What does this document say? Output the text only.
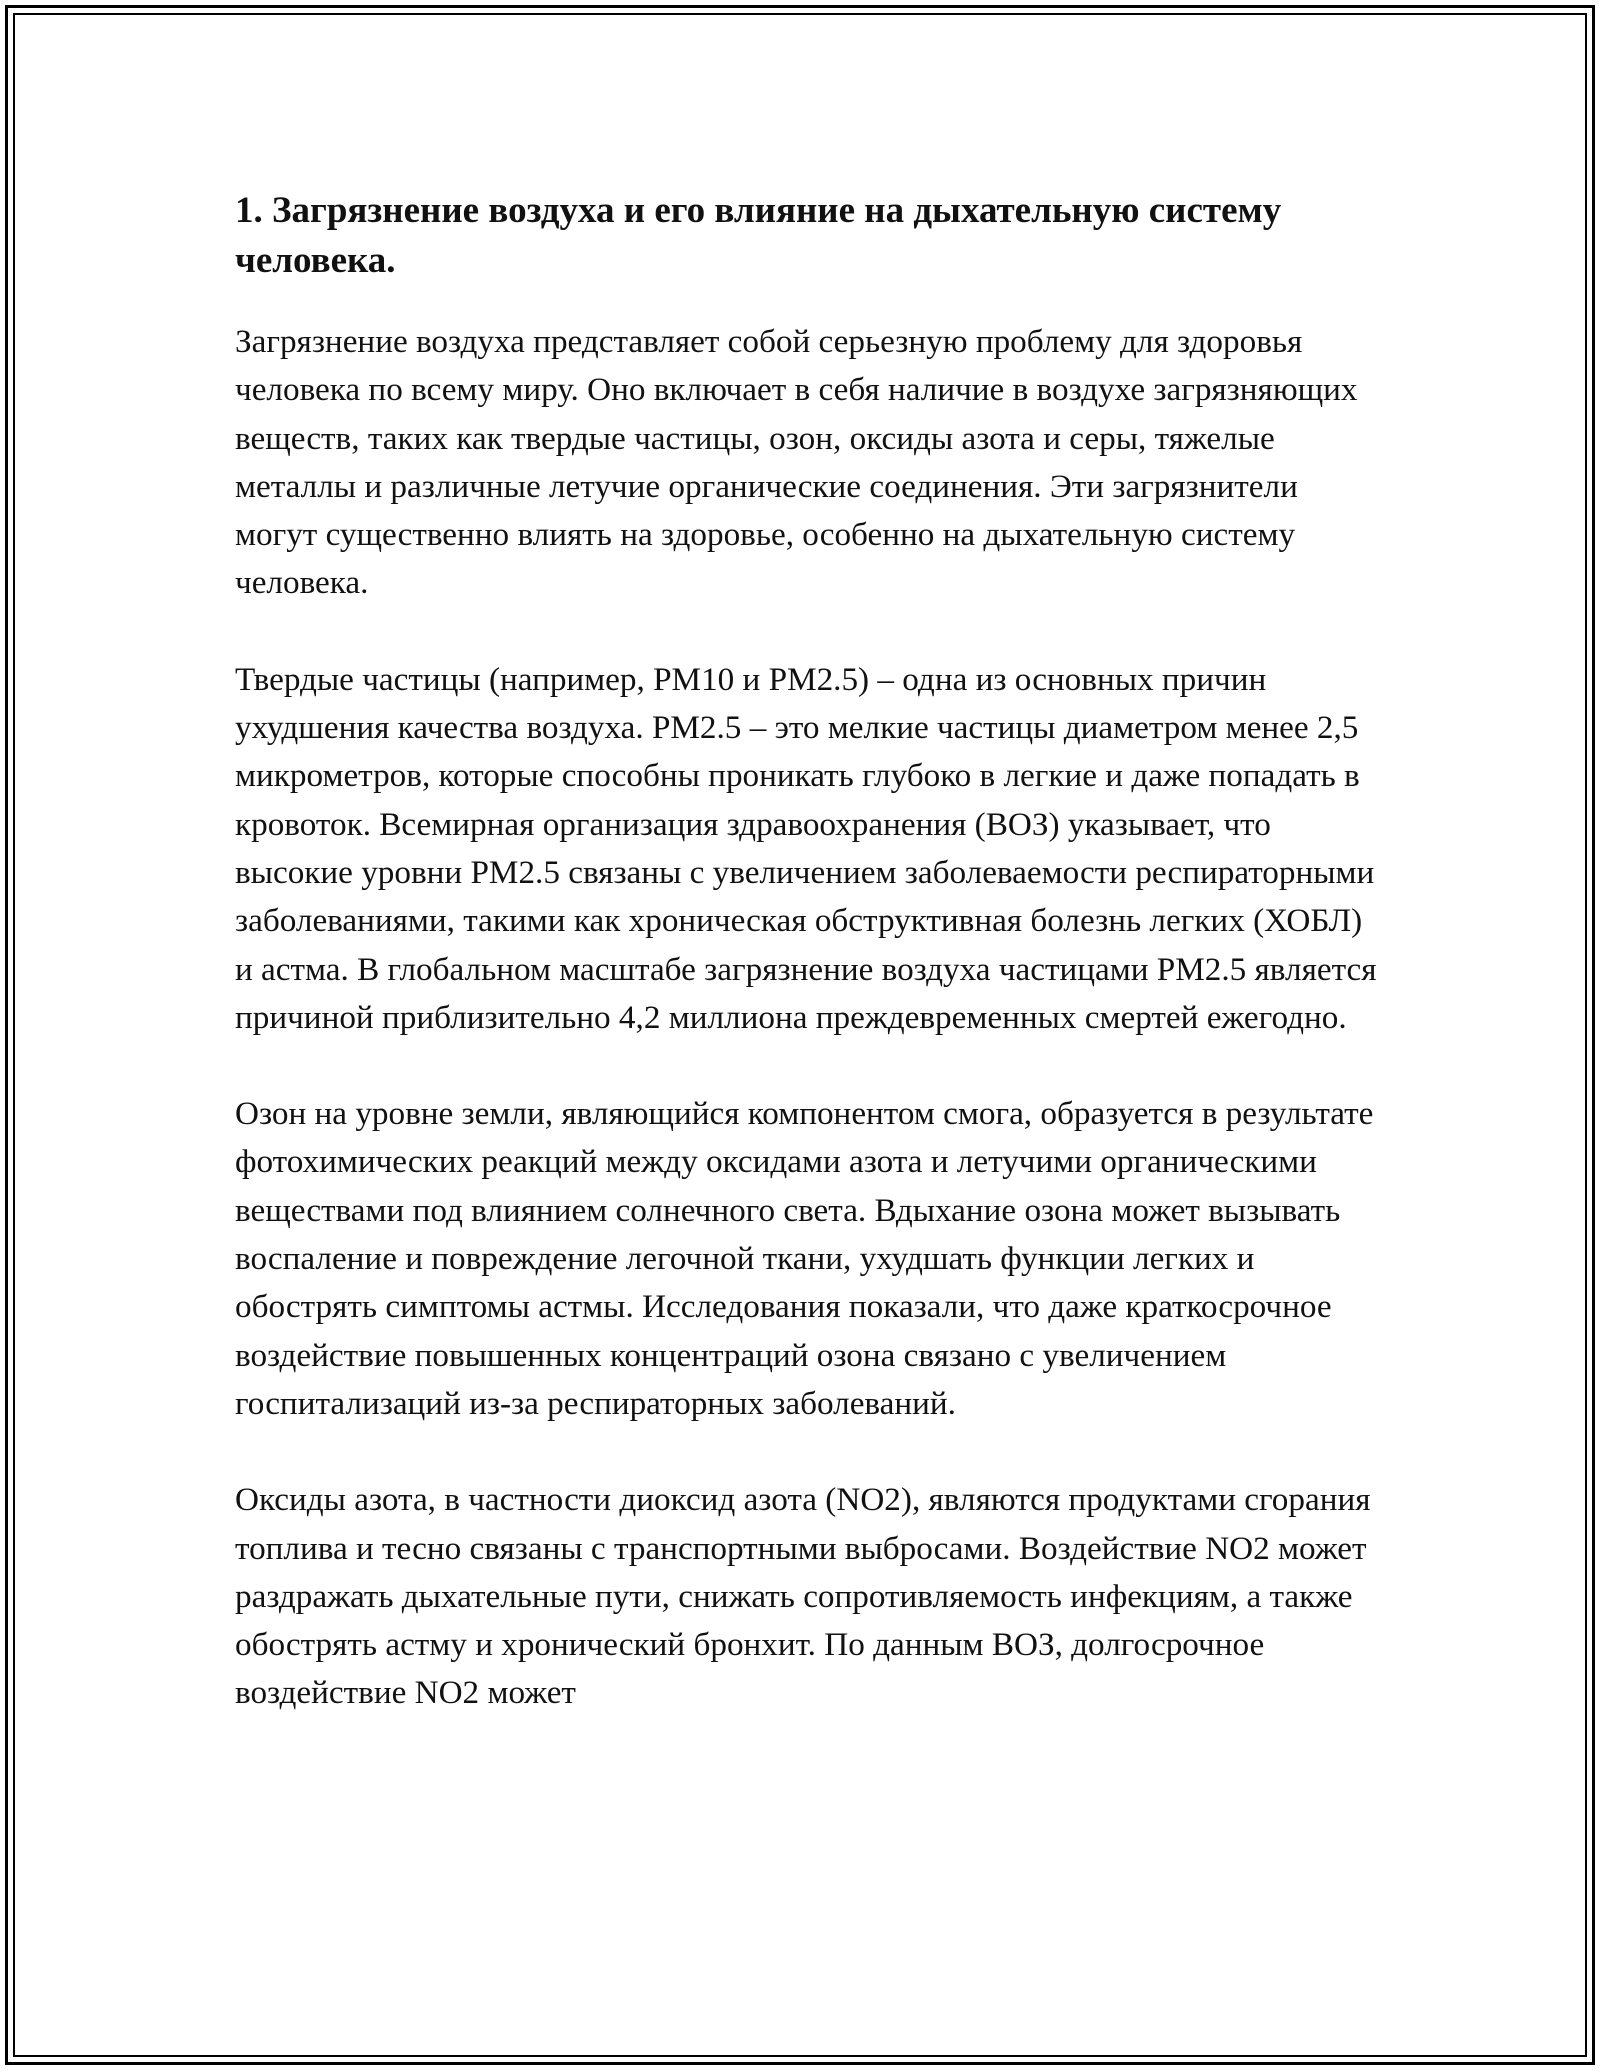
1. Загрязнение воздуха и его влияние на дыхательную систему человека.

Загрязнение воздуха представляет собой серьезную проблему для здоровья человека по всему миру. Оно включает в себя наличие в воздухе загрязняющих веществ, таких как твердые частицы, озон, оксиды азота и серы, тяжелые металлы и различные летучие органические соединения. Эти загрязнители могут существенно влиять на здоровье, особенно на дыхательную систему человека.

Твердые частицы (например, PM10 и PM2.5) – одна из основных причин ухудшения качества воздуха. PM2.5 – это мелкие частицы диаметром менее 2,5 микрометров, которые способны проникать глубоко в легкие и даже попадать в кровоток. Всемирная организация здравоохранения (ВОЗ) указывает, что высокие уровни PM2.5 связаны с увеличением заболеваемости респираторными заболеваниями, такими как хроническая обструктивная болезнь легких (ХОБЛ) и астма. В глобальном масштабе загрязнение воздуха частицами PM2.5 является причиной приблизительно 4,2 миллиона преждевременных смертей ежегодно.

Озон на уровне земли, являющийся компонентом смога, образуется в результате фотохимических реакций между оксидами азота и летучими органическими веществами под влиянием солнечного света. Вдыхание озона может вызывать воспаление и повреждение легочной ткани, ухудшать функции легких и обострять симптомы астмы. Исследования показали, что даже краткосрочное воздействие повышенных концентраций озона связано с увеличением госпитализаций из-за респираторных заболеваний.

Оксиды азота, в частности диоксид азота (NO2), являются продуктами сгорания топлива и тесно связаны с транспортными выбросами. Воздействие NO2 может раздражать дыхательные пути, снижать сопротивляемость инфекциям, а также обострять астму и хронический бронхит. По данным ВОЗ, долгосрочное воздействие NO2 может
